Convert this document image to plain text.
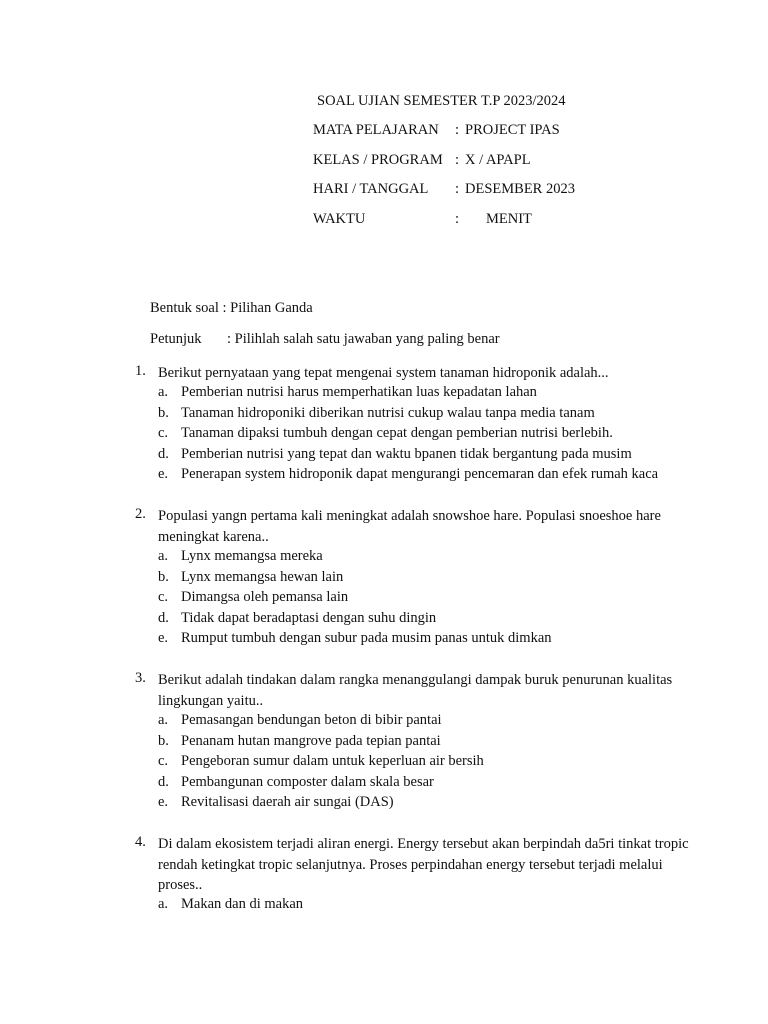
SOAL UJIAN SEMESTER T.P 2023/2024
MATA PELAJARAN : PROJECT IPAS
KELAS / PROGRAM : X / APAPL
HARI / TANGGAL : DESEMBER 2023
WAKTU	: MENIT
Bentuk soal : Pilihan Ganda
Petunjuk : Pilihlah salah satu jawaban yang paling benar
1. Berikut pernyataan yang tepat mengenai system tanaman hidroponik adalah...
a. Pemberian nutrisi harus memperhatikan luas kepadatan lahan
b. Tanaman hidroponiki diberikan nutrisi cukup walau tanpa media tanam
c. Tanaman dipaksi tumbuh dengan cepat dengan pemberian nutrisi berlebih.
d. Pemberian nutrisi yang tepat dan waktu bpanen tidak bergantung pada musim
e. Penerapan system hidroponik dapat mengurangi pencemaran dan efek rumah kaca
2. Populasi yangn pertama kali meningkat adalah snowshoe hare. Populasi snoeshoe hare meningkat karena..
a. Lynx memangsa mereka
b. Lynx memangsa hewan lain
c. Dimangsa oleh pemansa lain
d. Tidak dapat beradaptasi dengan suhu dingin
e. Rumput tumbuh dengan subur pada musim panas untuk dimkan
3. Berikut adalah tindakan dalam rangka menanggulangi dampak buruk penurunan kualitas lingkungan yaitu..
a. Pemasangan bendungan beton di bibir pantai
b. Penanam hutan mangrove pada tepian pantai
c. Pengeboran sumur dalam untuk keperluan air bersih
d. Pembangunan composter dalam skala besar
e. Revitalisasi daerah air sungai (DAS)
4. Di dalam ekosistem terjadi aliran energi. Energy tersebut akan berpindah da5ri tinkat tropic rendah ketingkat tropic selanjutnya. Proses perpindahan energy tersebut terjadi melalui proses..
a. Makan dan di makan
